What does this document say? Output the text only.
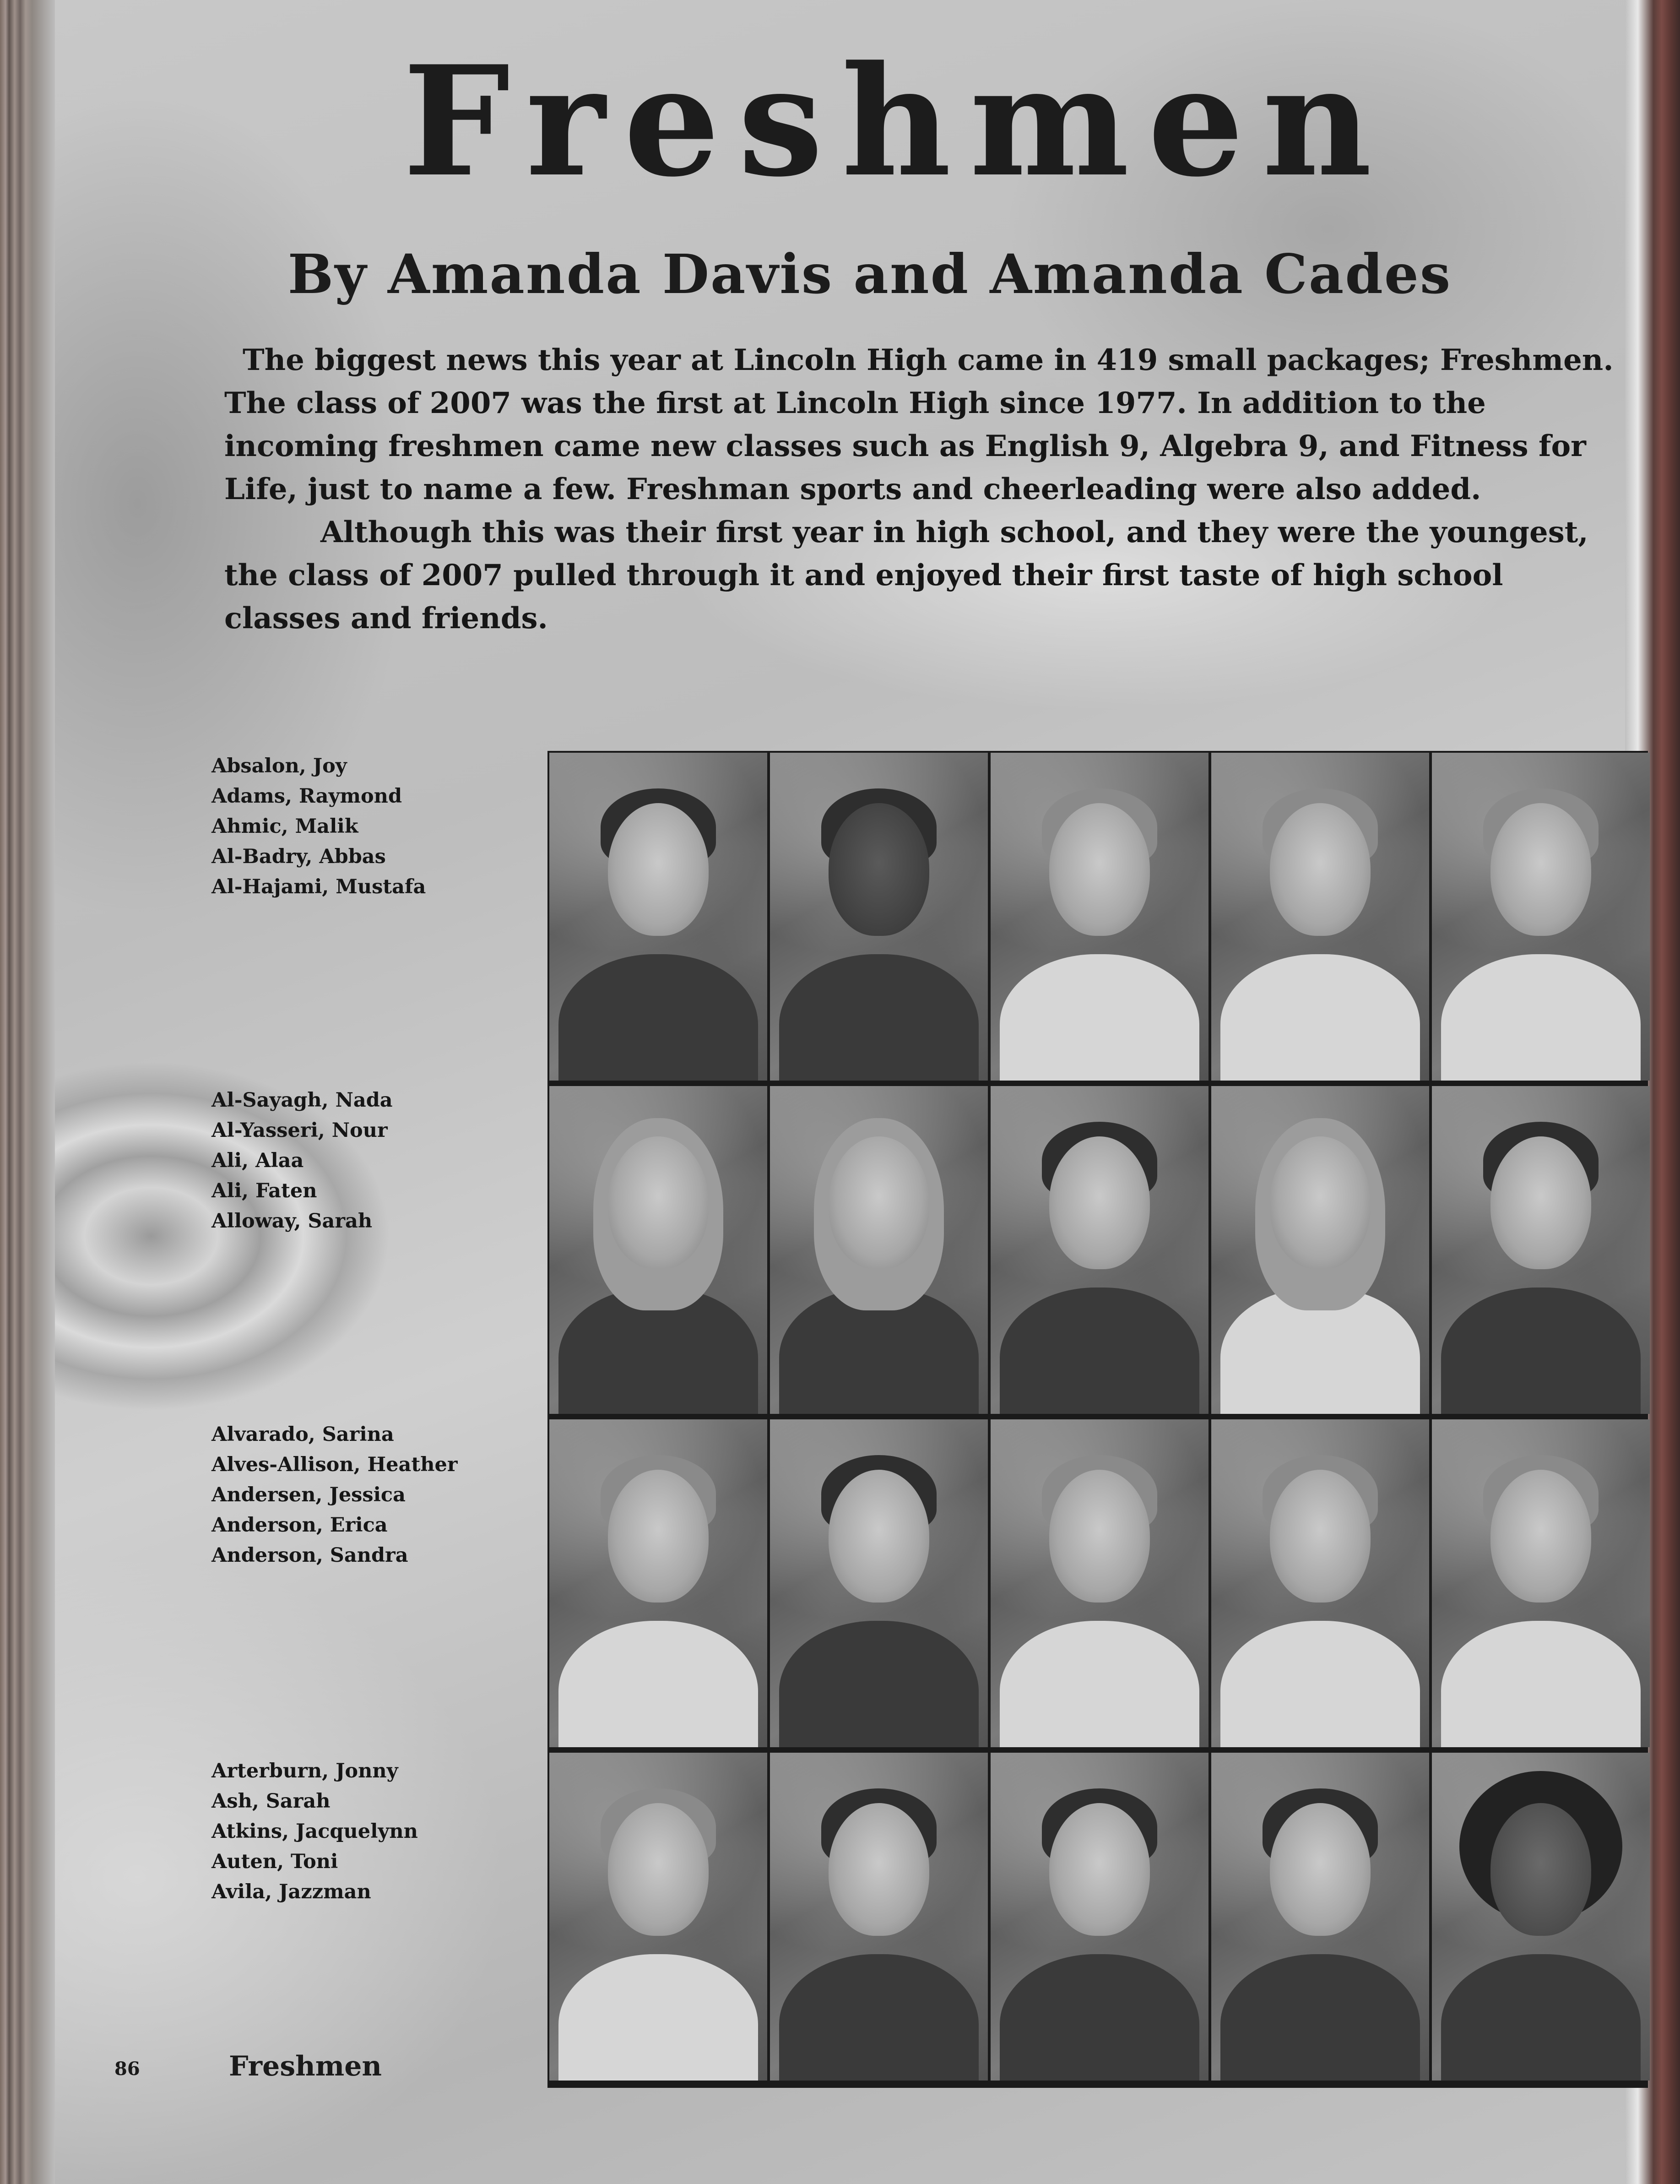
Freshmen
By Amanda Davis and Amanda Cades

The biggest news this year at Lincoln High came in 419 small packages; Freshmen. The class of 2007 was the first at Lincoln High since 1977. In addition to the incoming freshmen came new classes such as English 9, Algebra 9, and Fitness for Life, just to name a few. Freshman sports and cheerleading were also added.

Although this was their first year in high school, and they were the youngest, the class of 2007 pulled through it and enjoyed their first taste of high school classes and friends.

Absalon, Joy
Adams, Raymond
Ahmic, Malik
Al-Badry, Abbas
Al-Hajami, Mustafa
Al-Sayagh, Nada
Al-Yasseri, Nour
Ali, Alaa
Ali, Faten
Alloway, Sarah
Alvarado, Sarina
Alves-Allison, Heather
Andersen, Jessica
Anderson, Erica
Anderson, Sandra
Arterburn, Jonny
Ash, Sarah
Atkins, Jacquelynn
Auten, Toni
Avila, Jazzman
86	Freshmen
